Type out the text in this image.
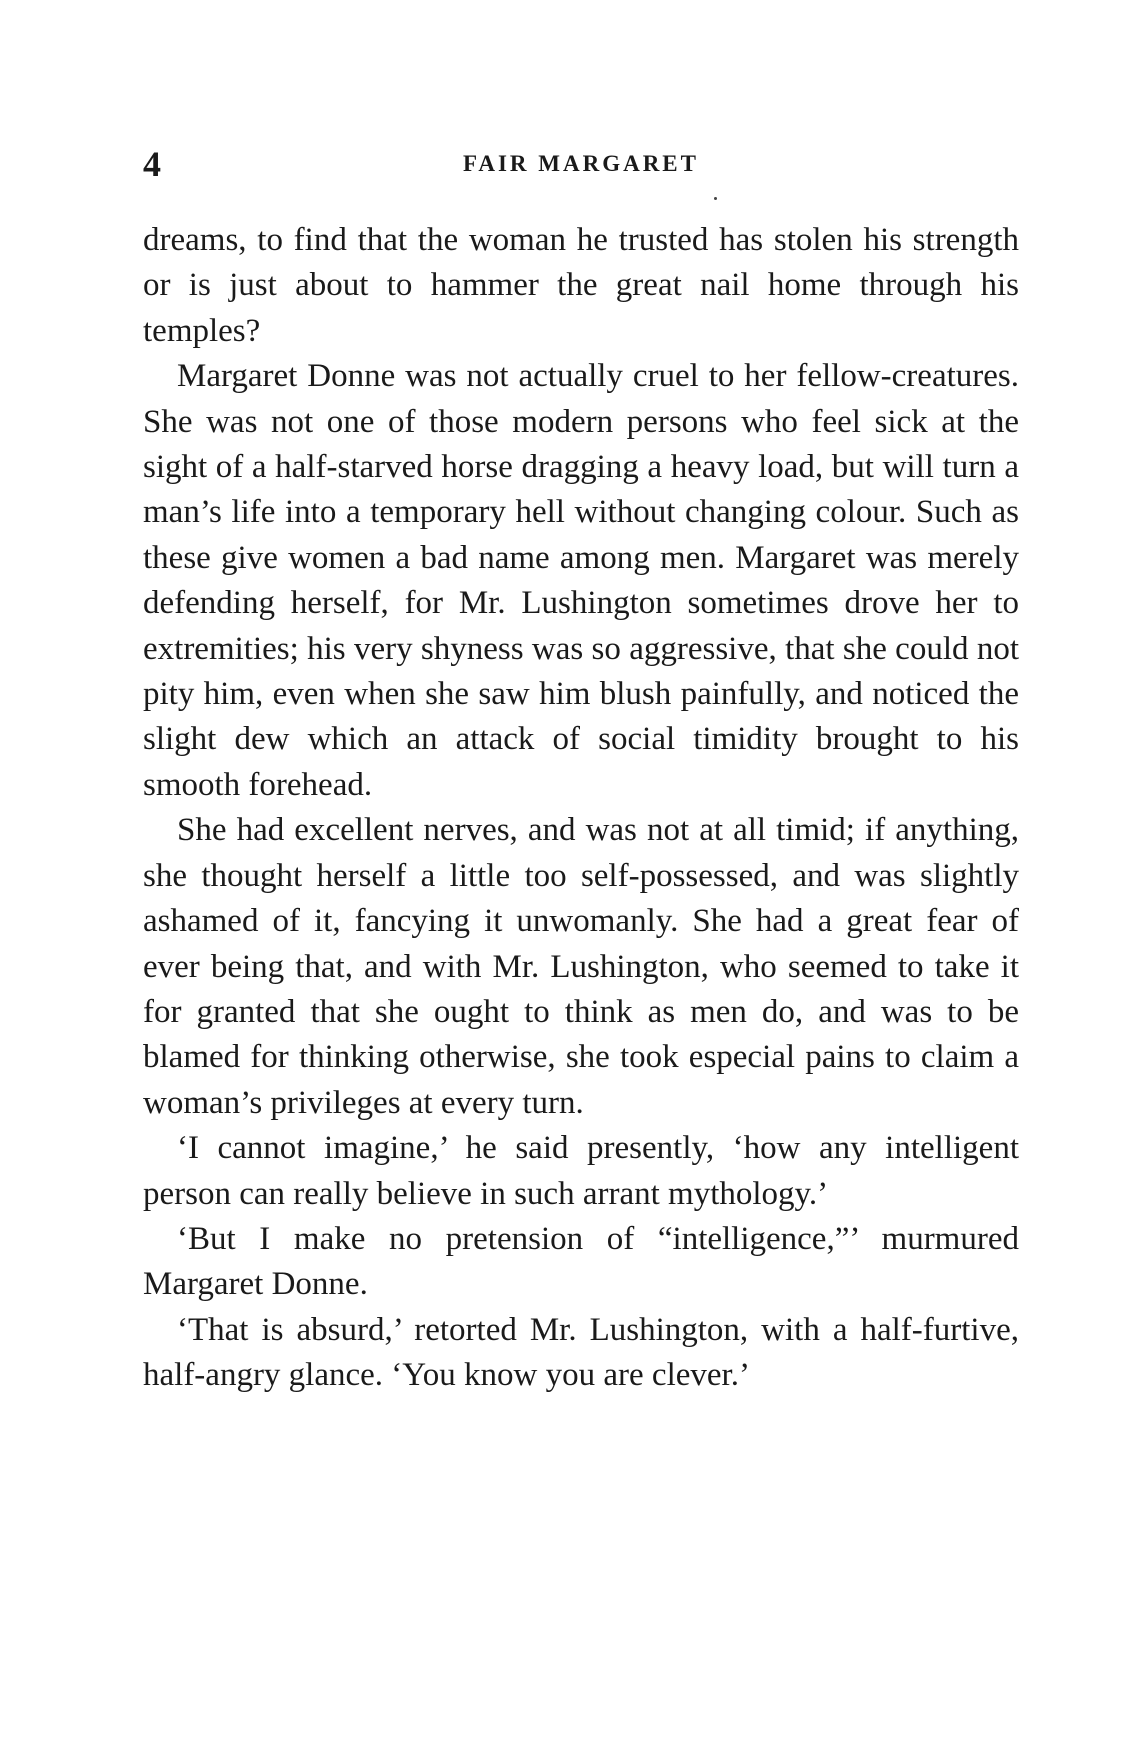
4	FAIR MARGARET

dreams, to find that the woman he trusted has stolen his strength or is just about to hammer the great nail home through his temples?

Margaret Donne was not actually cruel to her fellow-creatures. She was not one of those modern persons who feel sick at the sight of a half-starved horse dragging a heavy load, but will turn a man’s life into a temporary hell without changing colour. Such as these give women a bad name among men. Margaret was merely defending herself, for Mr. Lushington sometimes drove her to extremities; his very shyness was so aggressive, that she could not pity him, even when she saw him blush painfully, and noticed the slight dew which an attack of social timidity brought to his smooth forehead.

She had excellent nerves, and was not at all timid; if anything, she thought herself a little too self-possessed, and was slightly ashamed of it, fancying it unwomanly. She had a great fear of ever being that, and with Mr. Lushington, who seemed to take it for granted that she ought to think as men do, and was to be blamed for thinking otherwise, she took especial pains to claim a woman’s privileges at every turn.

‘I cannot imagine,’ he said presently, ‘how any intelligent person can really believe in such arrant mythology.’

‘But I make no pretension of “intelligence,”’ murmured Margaret Donne.

‘That is absurd,’ retorted Mr. Lushington, with a half-furtive, half-angry glance. ‘You know you are clever.’
